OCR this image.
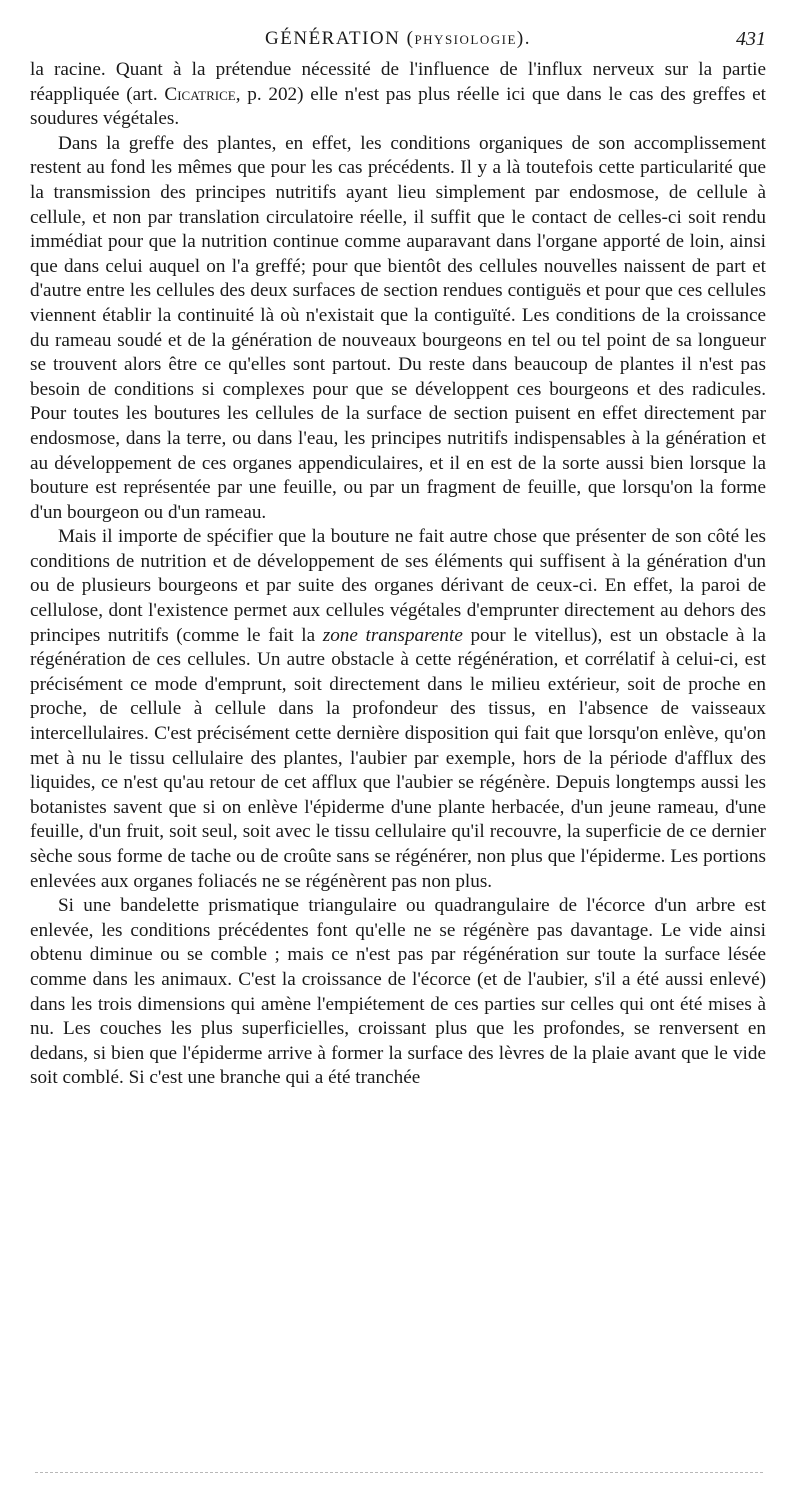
GÉNÉRATION (PHYSIOLOGIE).	431

la racine. Quant à la prétendue nécessité de l'influence de l'influx nerveux sur la partie réappliquée (art. Cicatrice, p. 202) elle n'est pas plus réelle ici que dans le cas des greffes et soudures végétales.

Dans la greffe des plantes, en effet, les conditions organiques de son accomplissement restent au fond les mêmes que pour les cas précédents. Il y a là toutefois cette particularité que la transmission des principes nutritifs ayant lieu simplement par endosmose, de cellule à cellule, et non par translation circulatoire réelle, il suffit que le contact de celles-ci soit rendu immédiat pour que la nutrition continue comme auparavant dans l'organe apporté de loin, ainsi que dans celui auquel on l'a greffé; pour que bientôt des cellules nouvelles naissent de part et d'autre entre les cellules des deux surfaces de section rendues contiguës et pour que ces cellules viennent établir la continuité là où n'existait que la contiguïté. Les conditions de la croissance du rameau soudé et de la génération de nouveaux bourgeons en tel ou tel point de sa longueur se trouvent alors être ce qu'elles sont partout. Du reste dans beaucoup de plantes il n'est pas besoin de conditions si complexes pour que se développent ces bourgeons et des radicules. Pour toutes les boutures les cellules de la surface de section puisent en effet directement par endosmose, dans la terre, ou dans l'eau, les principes nutritifs indispensables à la génération et au développement de ces organes appendiculaires, et il en est de la sorte aussi bien lorsque la bouture est représentée par une feuille, ou par un fragment de feuille, que lorsqu'on la forme d'un bourgeon ou d'un rameau.

Mais il importe de spécifier que la bouture ne fait autre chose que présenter de son côté les conditions de nutrition et de développement de ses éléments qui suffisent à la génération d'un ou de plusieurs bourgeons et par suite des organes dérivant de ceux-ci. En effet, la paroi de cellulose, dont l'existence permet aux cellules végétales d'emprunter directement au dehors des principes nutritifs (comme le fait la zone transparente pour le vitellus), est un obstacle à la régénération de ces cellules. Un autre obstacle à cette régénération, et corrélatif à celui-ci, est précisément ce mode d'emprunt, soit directement dans le milieu extérieur, soit de proche en proche, de cellule à cellule dans la profondeur des tissus, en l'absence de vaisseaux intercellulaires. C'est précisément cette dernière disposition qui fait que lorsqu'on enlève, qu'on met à nu le tissu cellulaire des plantes, l'aubier par exemple, hors de la période d'afflux des liquides, ce n'est qu'au retour de cet afflux que l'aubier se régénère. Depuis longtemps aussi les botanistes savent que si on enlève l'épiderme d'une plante herbacée, d'un jeune rameau, d'une feuille, d'un fruit, soit seul, soit avec le tissu cellulaire qu'il recouvre, la superficie de ce dernier sèche sous forme de tache ou de croûte sans se régénérer, non plus que l'épiderme. Les portions enlevées aux organes foliacés ne se régénèrent pas non plus.

Si une bandelette prismatique triangulaire ou quadrangulaire de l'écorce d'un arbre est enlevée, les conditions précédentes font qu'elle ne se régénère pas davantage. Le vide ainsi obtenu diminue ou se comble ; mais ce n'est pas par régénération sur toute la surface lésée comme dans les animaux. C'est la croissance de l'écorce (et de l'aubier, s'il a été aussi enlevé) dans les trois dimensions qui amène l'empiétement de ces parties sur celles qui ont été mises à nu. Les couches les plus superficielles, croissant plus que les profondes, se renversent en dedans, si bien que l'épiderme arrive à former la surface des lèvres de la plaie avant que le vide soit comblé. Si c'est une branche qui a été tranchée
